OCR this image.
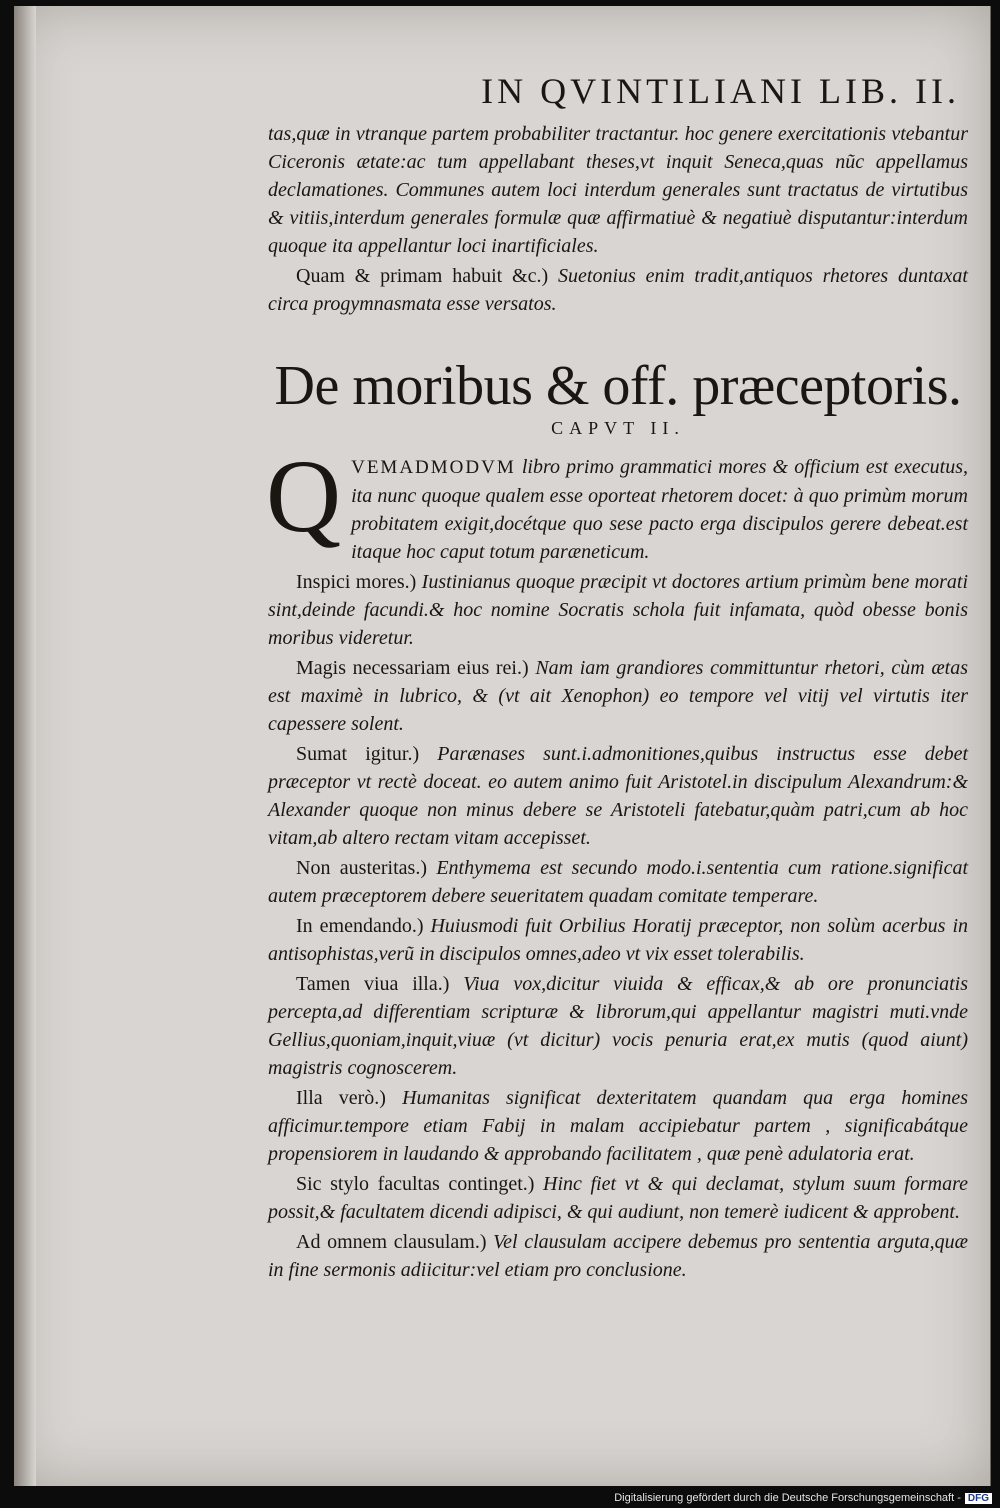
IN QVINTILIANI LIB. II.

tas,quæ in vtranque partem probabiliter tractantur. hoc genere exercitationis vtebantur Ciceronis ætate:ac tum appellabant theses,vt inquit Seneca,quas nũc appellamus declamationes. Communes autem loci interdum generales sunt tractatus de virtutibus & vitiis,interdum generales formulæ quæ affirmatiuè & negatiuè disputantur:interdum quoque ita appellantur loci inartificiales.

Quam & primam habuit &c.) Suetonius enim tradit,antiquos rhetores duntaxat circa progymnasmata esse versatos.

De moribus & off. præceptoris.
CAPVT II.

QVEMADMODVM libro primo grammatici mores & officium est executus, ita nunc quoque qualem esse oporteat rhetorem docet: à quo primùm morum probitatem exigit,docétque quo sese pacto erga discipulos gerere debeat.est itaque hoc caput totum paræneticum.

Inspici mores.) Iustinianus quoque præcipit vt doctores artium primùm bene morati sint,deinde facundi.& hoc nomine Socratis schola fuit infamata, quòd obesse bonis moribus videretur.

Magis necessariam eius rei.) Nam iam grandiores committuntur rhetori, cùm ætas est maximè in lubrico, & (vt ait Xenophon) eo tempore vel vitij vel virtutis iter capessere solent.

Sumat igitur.) Parænases sunt.i.admonitiones,quibus instructus esse debet præceptor vt rectè doceat. eo autem animo fuit Aristotel.in discipulum Alexandrum:& Alexander quoque non minus debere se Aristoteli fatebatur,quàm patri,cum ab hoc vitam,ab altero rectam vitam accepisset.

Non austeritas.) Enthymema est secundo modo.i.sententia cum ratione.significat autem præceptorem debere seueritatem quadam comitate temperare.

In emendando.) Huiusmodi fuit Orbilius Horatij præceptor, non solùm acerbus in antisophistas,verũ in discipulos omnes,adeo vt vix esset tolerabilis.

Tamen viua illa.) Viua vox,dicitur viuida & efficax,& ab ore pronunciatis percepta,ad differentiam scripturæ & librorum,qui appellantur magistri muti.vnde Gellius,quoniam,inquit,viuæ (vt dicitur) vocis penuria erat,ex mutis (quod aiunt) magistris cognoscerem.

Illa verò.) Humanitas significat dexteritatem quandam qua erga homines afficimur.tempore etiam Fabij in malam accipiebatur partem , significabátque propensiorem in laudando & approbando facilitatem , quæ penè adulatoria erat.

Sic stylo facultas continget.) Hinc fiet vt & qui declamat, stylum suum formare possit,& facultatem dicendi adipisci, & qui audiunt, non temerè iudicent & approbent.

Ad omnem clausulam.) Vel clausulam accipere debemus pro sententia arguta,quæ in fine sermonis adiicitur:vel etiam pro conclusione.

Digitalisierung gefördert durch die Deutsche Forschungsgemeinschaft - DFG
